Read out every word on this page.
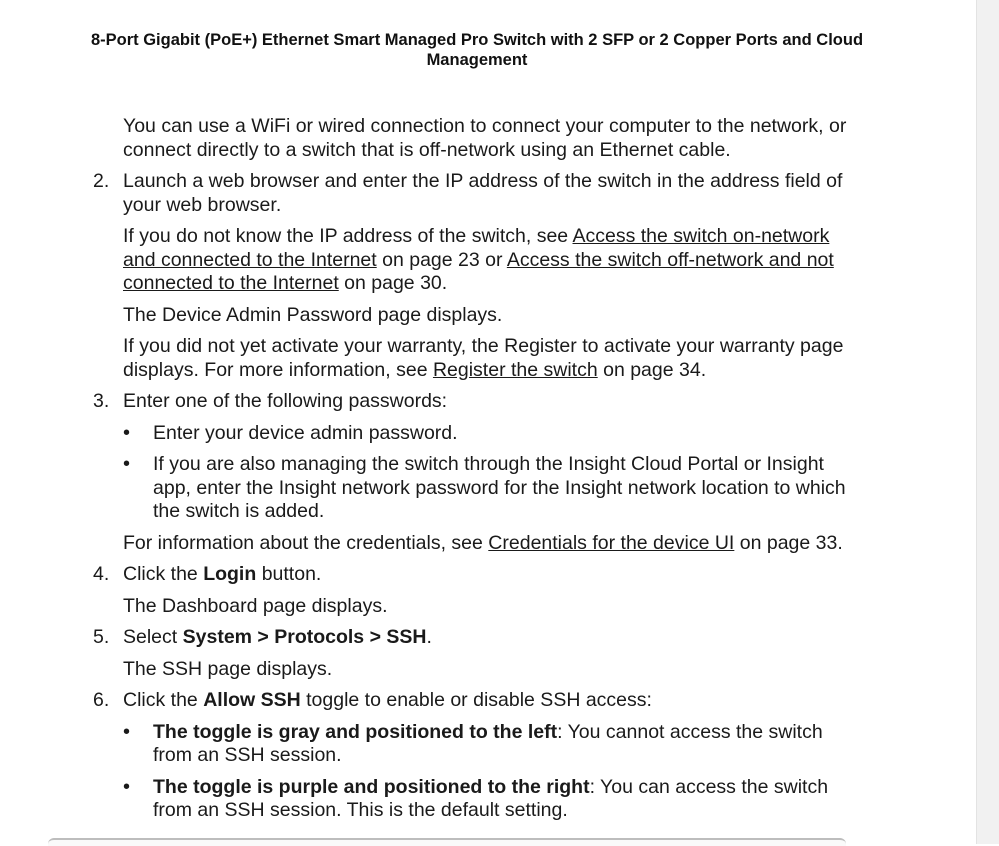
8-Port Gigabit (PoE+) Ethernet Smart Managed Pro Switch with 2 SFP or 2 Copper Ports and Cloud
Management

You can use a WiFi or wired connection to connect your computer to the network, or connect directly to a switch that is off-network using an Ethernet cable.

2. Launch a web browser and enter the IP address of the switch in the address field of your web browser.

If you do not know the IP address of the switch, see Access the switch on-network and connected to the Internet on page 23 or Access the switch off-network and not connected to the Internet on page 30.

The Device Admin Password page displays.

If you did not yet activate your warranty, the Register to activate your warranty page displays. For more information, see Register the switch on page 34.

3. Enter one of the following passwords:
• Enter your device admin password.
• If you are also managing the switch through the Insight Cloud Portal or Insight app, enter the Insight network password for the Insight network location to which the switch is added.

For information about the credentials, see Credentials for the device UI on page 33.

4. Click the Login button.

The Dashboard page displays.

5. Select System > Protocols > SSH.

The SSH page displays.

6. Click the Allow SSH toggle to enable or disable SSH access:
• The toggle is gray and positioned to the left: You cannot access the switch from an SSH session.
• The toggle is purple and positioned to the right: You can access the switch from an SSH session. This is the default setting.
